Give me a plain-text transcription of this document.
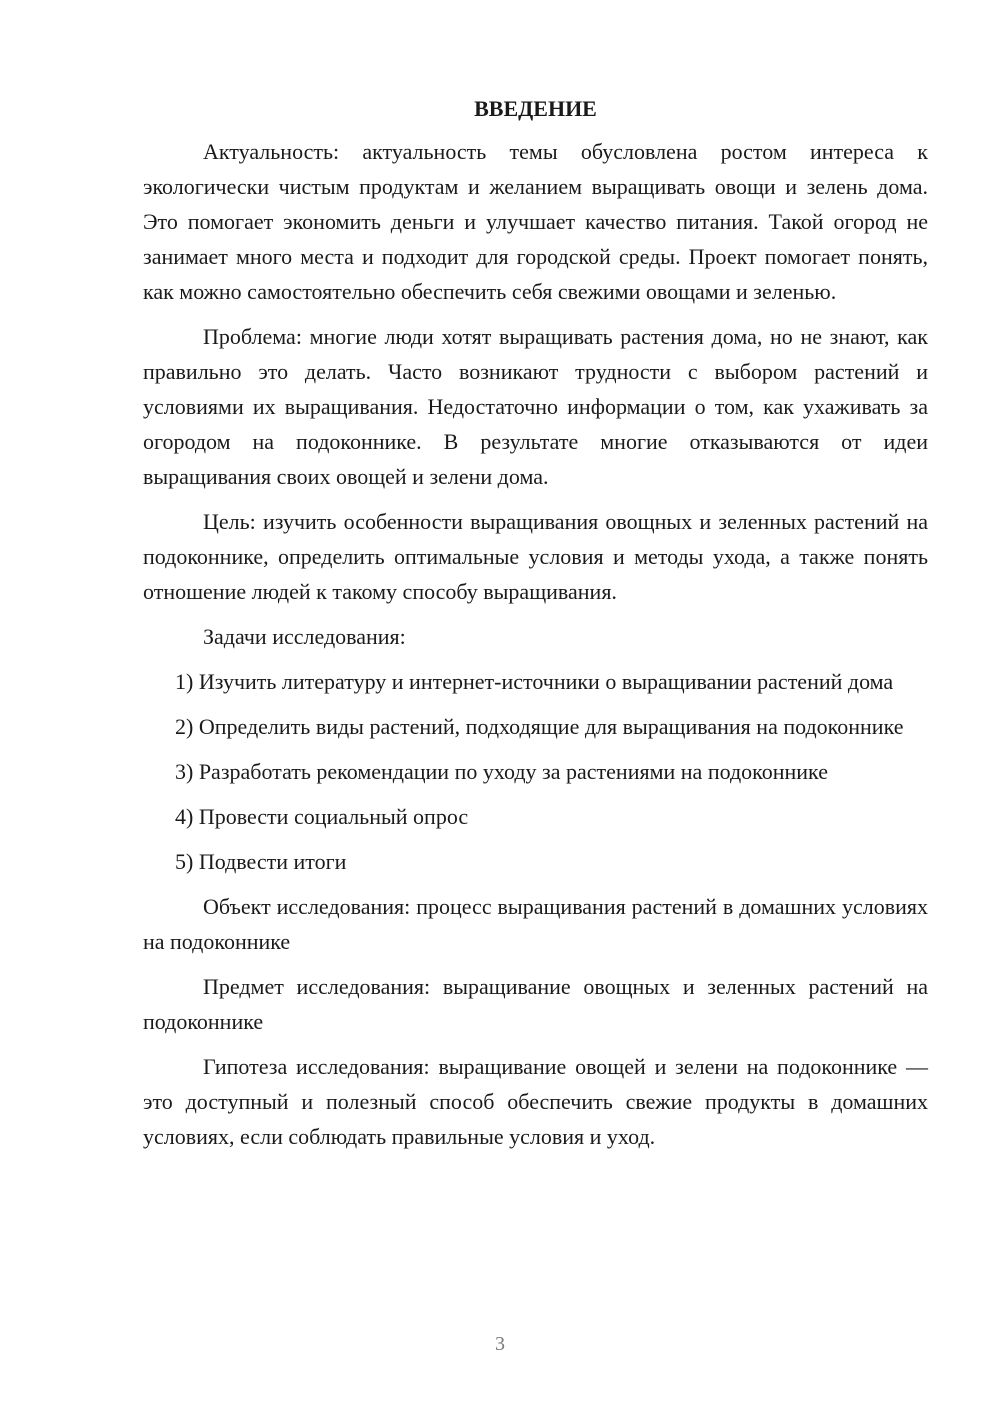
ВВЕДЕНИЕ

Актуальность: актуальность темы обусловлена ростом интереса к экологически чистым продуктам и желанием выращивать овощи и зелень дома. Это помогает экономить деньги и улучшает качество питания. Такой огород не занимает много места и подходит для городской среды. Проект помогает понять, как можно самостоятельно обеспечить себя свежими овощами и зеленью.

Проблема: многие люди хотят выращивать растения дома, но не знают, как правильно это делать. Часто возникают трудности с выбором растений и условиями их выращивания. Недостаточно информации о том, как ухаживать за огородом на подоконнике. В результате многие отказываются от идеи выращивания своих овощей и зелени дома.

Цель: изучить особенности выращивания овощных и зеленных растений на подоконнике, определить оптимальные условия и методы ухода, а также понять отношение людей к такому способу выращивания.

Задачи исследования:

1) Изучить литературу и интернет-источники о выращивании растений дома

2) Определить виды растений, подходящие для выращивания на подоконнике

3) Разработать рекомендации по уходу за растениями на подоконнике

4) Провести социальный опрос

5) Подвести итоги

Объект исследования: процесс выращивания растений в домашних условиях на подоконнике

Предмет исследования: выращивание овощных и зеленных растений на подоконнике

Гипотеза исследования: выращивание овощей и зелени на подоконнике — это доступный и полезный способ обеспечить свежие продукты в домашних условиях, если соблюдать правильные условия и уход.

3
